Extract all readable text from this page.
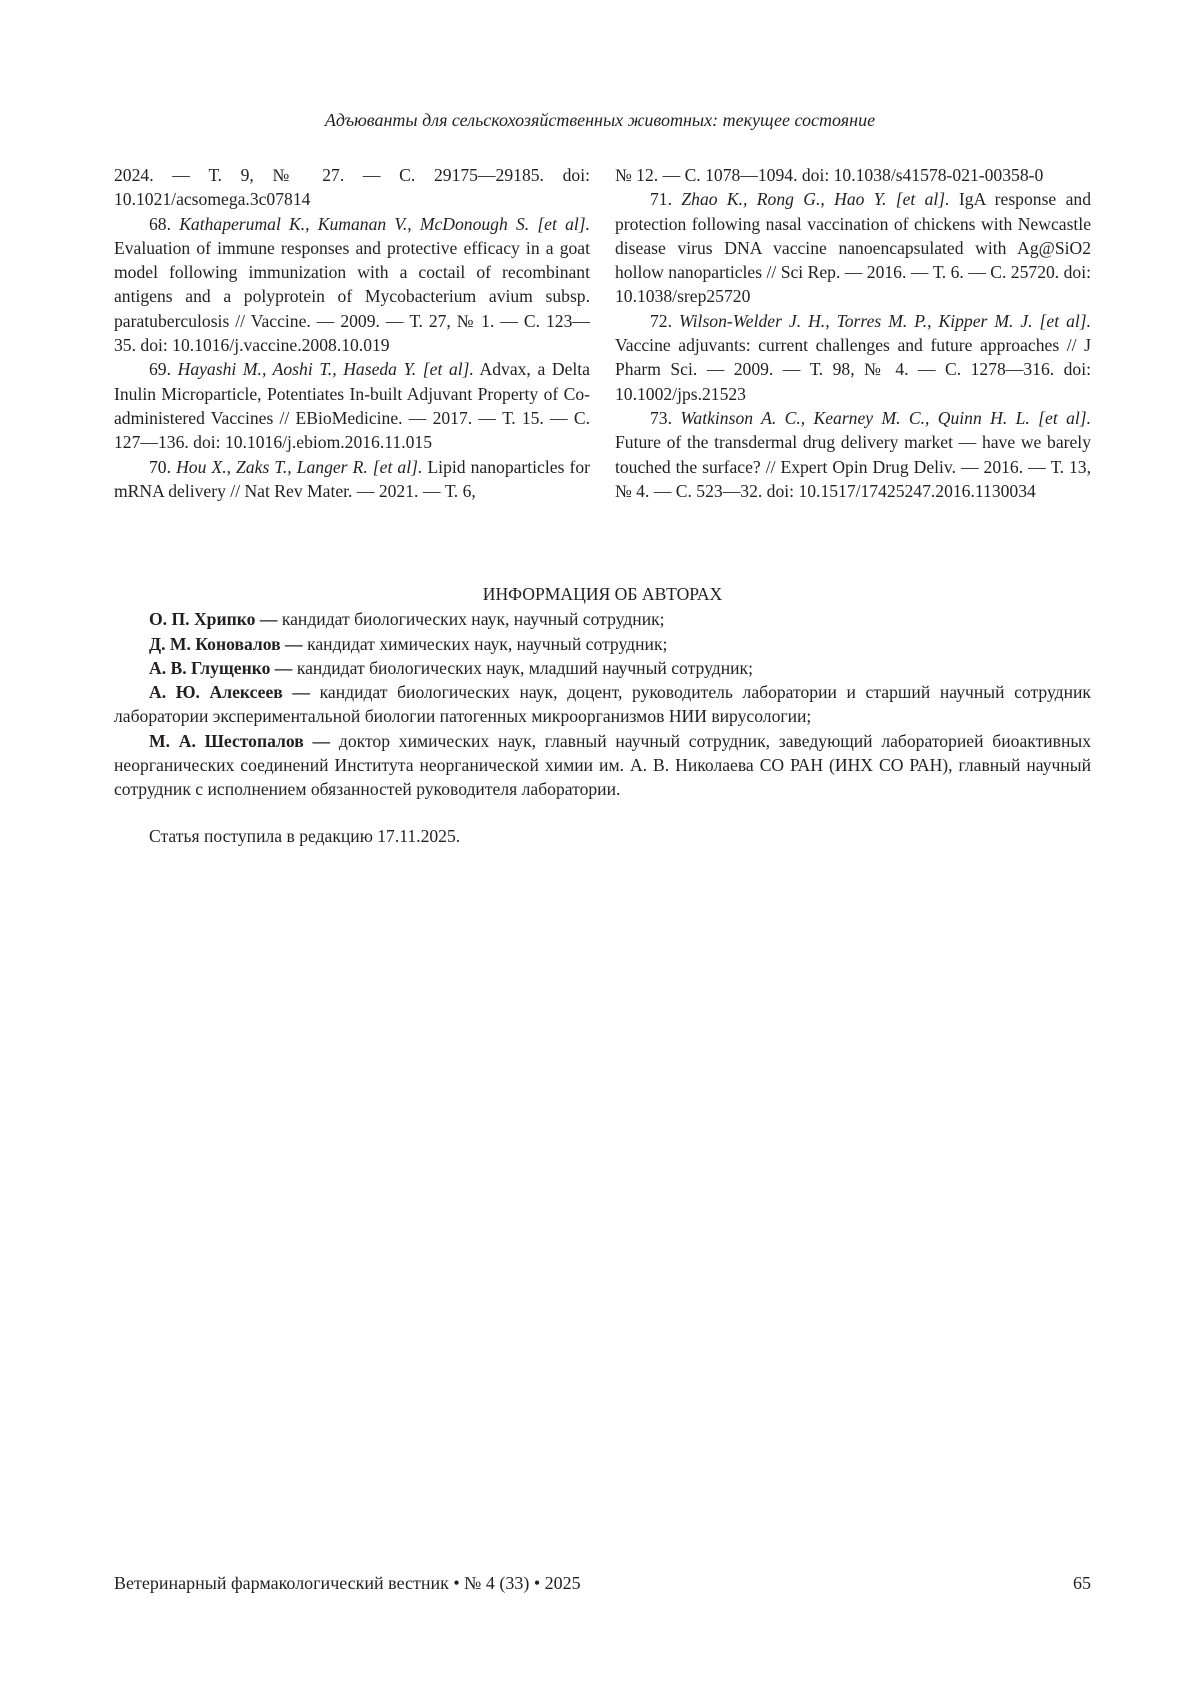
Адъюванты для сельскохозяйственных животных: текущее состояние

2024. — Т. 9, № 27. — С. 29175—29185. doi: 10.1021/acsomega.3c07814

68. Kathaperumal K., Kumanan V., McDonough S. [et al]. Evaluation of immune responses and protective efficacy in a goat model following immunization with a coctail of recombinant antigens and a polyprotein of Mycobacterium avium subsp. paratuberculosis // Vaccine. — 2009. — Т. 27, № 1. — С. 123—35. doi: 10.1016/j.vaccine.2008.10.019

69. Hayashi M., Aoshi T., Haseda Y. [et al]. Advax, a Delta Inulin Microparticle, Potentiates In-built Adjuvant Property of Co-administered Vaccines // EBioMedicine. — 2017. — Т. 15. — С. 127—136. doi: 10.1016/j.ebiom.2016.11.015

70. Hou X., Zaks T., Langer R. [et al]. Lipid nanoparticles for mRNA delivery // Nat Rev Mater. — 2021. — Т. 6,

№ 12. — С. 1078—1094. doi: 10.1038/s41578-021-00358-0

71. Zhao K., Rong G., Hao Y. [et al]. IgA response and protection following nasal vaccination of chickens with Newcastle disease virus DNA vaccine nanoencapsulated with Ag@SiO2 hollow nanoparticles // Sci Rep. — 2016. — Т. 6. — С. 25720. doi: 10.1038/srep25720

72. Wilson-Welder J. H., Torres M. P., Kipper M. J. [et al]. Vaccine adjuvants: current challenges and future approaches // J Pharm Sci. — 2009. — Т. 98, № 4. — С. 1278—316. doi: 10.1002/jps.21523

73. Watkinson A. C., Kearney M. C., Quinn H. L. [et al]. Future of the transdermal drug delivery market — have we barely touched the surface? // Expert Opin Drug Deliv. — 2016. — Т. 13, № 4. — С. 523—32. doi: 10.1517/17425247.2016.1130034

ИНФОРМАЦИЯ ОБ АВТОРАХ

О. П. Хрипко — кандидат биологических наук, научный сотрудник;

Д. М. Коновалов — кандидат химических наук, научный сотрудник;

А. В. Глущенко — кандидат биологических наук, младший научный сотрудник;

А. Ю. Алексеев — кандидат биологических наук, доцент, руководитель лаборатории и старший научный сотрудник лаборатории экспериментальной биологии патогенных микроорганизмов НИИ вирусологии;

М. А. Шестопалов — доктор химических наук, главный научный сотрудник, заведующий лабораторией биоактивных неорганических соединений Института неорганической химии им. А. В. Николаева СО РАН (ИНХ СО РАН), главный научный сотрудник с исполнением обязанностей руководителя лаборатории.

Статья поступила в редакцию 17.11.2025.
Ветеринарный фармакологический вестник • № 4 (33) • 2025	65
